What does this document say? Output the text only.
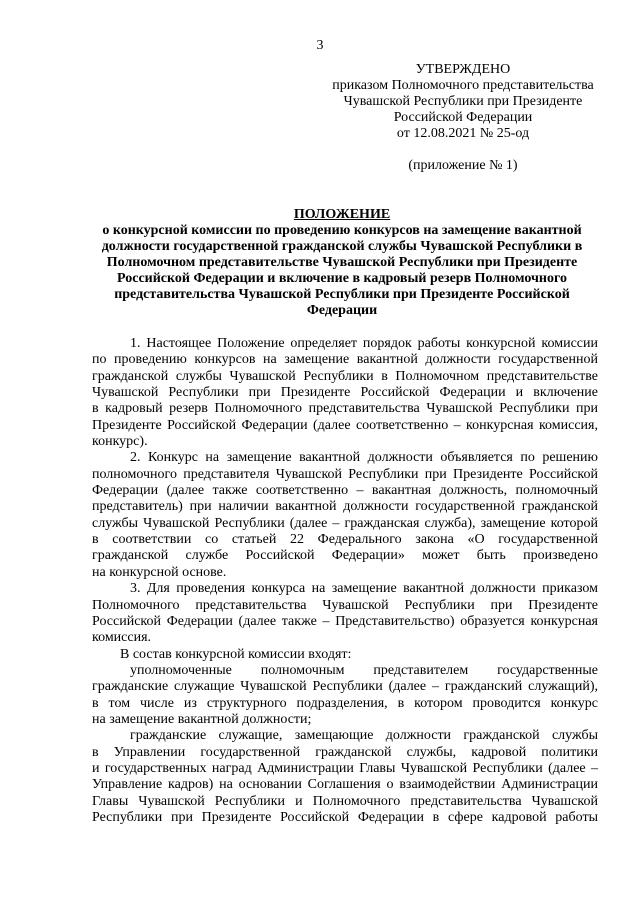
3
УТВЕРЖДЕНО
приказом Полномочного представительства
Чувашской Республики при Президенте
Российской Федерации
от 12.08.2021 № 25-од
(приложение № 1)
ПОЛОЖЕНИЕ
о конкурсной комиссии по проведению конкурсов на замещение вакантной
должности государственной гражданской службы Чувашской Республики в
Полномочном представительстве Чувашской Республики при Президенте
Российской Федерации и включение в кадровый резерв Полномочного
представительства Чувашской Республики при Президенте Российской
Федерации
1. Настоящее Положение определяет порядок работы конкурсной комиссии
по проведению конкурсов на замещение вакантной должности государственной
гражданской службы Чувашской Республики в Полномочном представительстве
Чувашской Республики при Президенте Российской Федерации и включение
в кадровый резерв Полномочного представительства Чувашской Республики при
Президенте Российской Федерации (далее соответственно – конкурсная комиссия,
конкурс).
2. Конкурс на замещение вакантной должности объявляется по решению
полномочного представителя Чувашской Республики при Президенте Российской
Федерации (далее также соответственно – вакантная должность, полномочный
представитель) при наличии вакантной должности государственной гражданской
службы Чувашской Республики (далее – гражданская служба), замещение которой
в соответствии со статьей 22 Федерального закона «О государственной
гражданской службе Российской Федерации» может быть произведено
на конкурсной основе.
3. Для проведения конкурса на замещение вакантной должности приказом
Полномочного представительства Чувашской Республики при Президенте
Российской Федерации (далее также – Представительство) образуется конкурсная
комиссия.
В состав конкурсной комиссии входят:
уполномоченные полномочным представителем государственные
гражданские служащие Чувашской Республики (далее – гражданский служащий),
в том числе из структурного подразделения, в котором проводится конкурс
на замещение вакантной должности;
гражданские служащие, замещающие должности гражданской службы
в Управлении государственной гражданской службы, кадровой политики
и государственных наград Администрации Главы Чувашской Республики (далее –
Управление кадров) на основании Соглашения о взаимодействии Администрации
Главы Чувашской Республики и Полномочного представительства Чувашской
Республики при Президенте Российской Федерации в сфере кадровой работы
